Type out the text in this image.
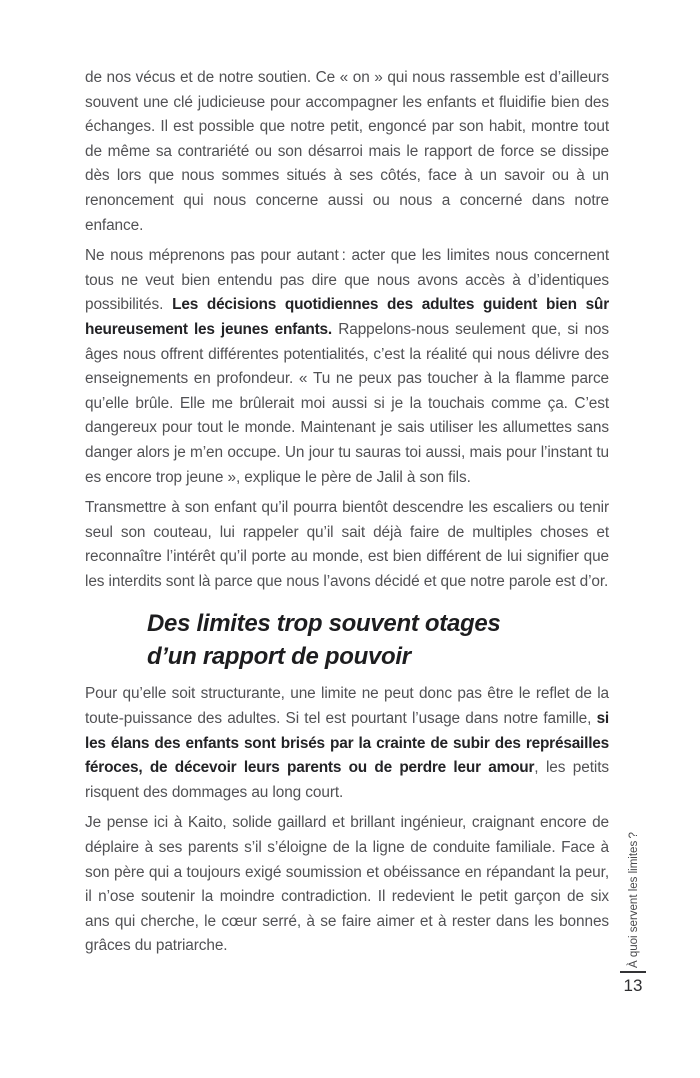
de nos vécus et de notre soutien. Ce « on » qui nous rassemble est d’ailleurs souvent une clé judicieuse pour accompagner les enfants et fluidifie bien des échanges. Il est possible que notre petit, engoncé par son habit, montre tout de même sa contrariété ou son désarroi mais le rapport de force se dissipe dès lors que nous sommes situés à ses côtés, face à un savoir ou à un renoncement qui nous concerne aussi ou nous a concerné dans notre enfance.

Ne nous méprenons pas pour autant : acter que les limites nous concernent tous ne veut bien entendu pas dire que nous avons accès à d’identiques possibilités. Les décisions quotidiennes des adultes guident bien sûr heureusement les jeunes enfants. Rappelons-nous seulement que, si nos âges nous offrent différentes potentialités, c’est la réalité qui nous délivre des enseignements en profondeur. « Tu ne peux pas toucher à la flamme parce qu’elle brûle. Elle me brûlerait moi aussi si je la touchais comme ça. C’est dangereux pour tout le monde. Maintenant je sais utiliser les allumettes sans danger alors je m’en occupe. Un jour tu sauras toi aussi, mais pour l’instant tu es encore trop jeune », explique le père de Jalil à son fils.

Transmettre à son enfant qu’il pourra bientôt descendre les escaliers ou tenir seul son couteau, lui rappeler qu’il sait déjà faire de multiples choses et reconnaître l’intérêt qu’il porte au monde, est bien différent de lui signifier que les interdits sont là parce que nous l’avons décidé et que notre parole est d’or.

Des limites trop souvent otages
d’un rapport de pouvoir

Pour qu’elle soit structurante, une limite ne peut donc pas être le reflet de la toute-puissance des adultes. Si tel est pourtant l’usage dans notre famille, si les élans des enfants sont brisés par la crainte de subir des représailles féroces, de décevoir leurs parents ou de perdre leur amour, les petits risquent des dommages au long court.

Je pense ici à Kaito, solide gaillard et brillant ingénieur, craignant encore de déplaire à ses parents s’il s’éloigne de la ligne de conduite familiale. Face à son père qui a toujours exigé soumission et obéissance en répandant la peur, il n’ose soutenir la moindre contradiction. Il redevient le petit garçon de six ans qui cherche, le cœur serré, à se faire aimer et à rester dans les bonnes grâces du patriarche.	À quoi servent les limites ?
13
